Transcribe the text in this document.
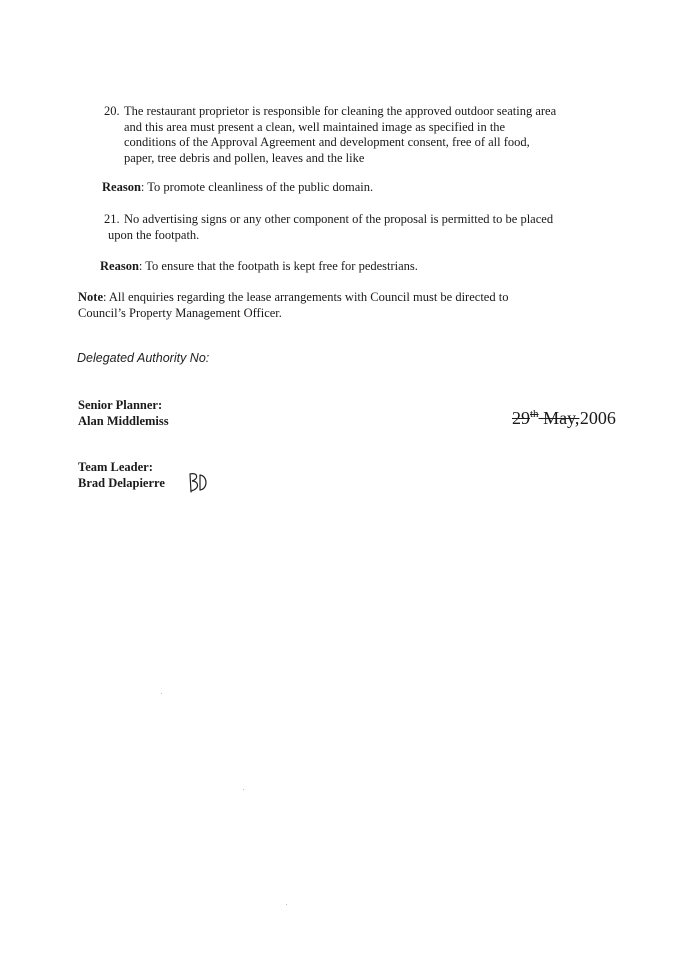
20. The restaurant proprietor is responsible for cleaning the approved outdoor seating area
and this area must present a clean, well maintained image as specified in the
conditions of the Approval Agreement and development consent, free of all food,
paper, tree debris and pollen, leaves and the like
Reason: To promote cleanliness of the public domain.
21. No advertising signs or any other component of the proposal is permitted to be placed
upon the footpath.
Reason: To ensure that the footpath is kept free for pedestrians.
Note: All enquiries regarding the lease arrangements with Council must be directed to
Council’s Property Management Officer.
Delegated Authority No:
Senior Planner:
Alan Middlemiss	29th May, 2006
Team Leader:
Brad Delapierre
